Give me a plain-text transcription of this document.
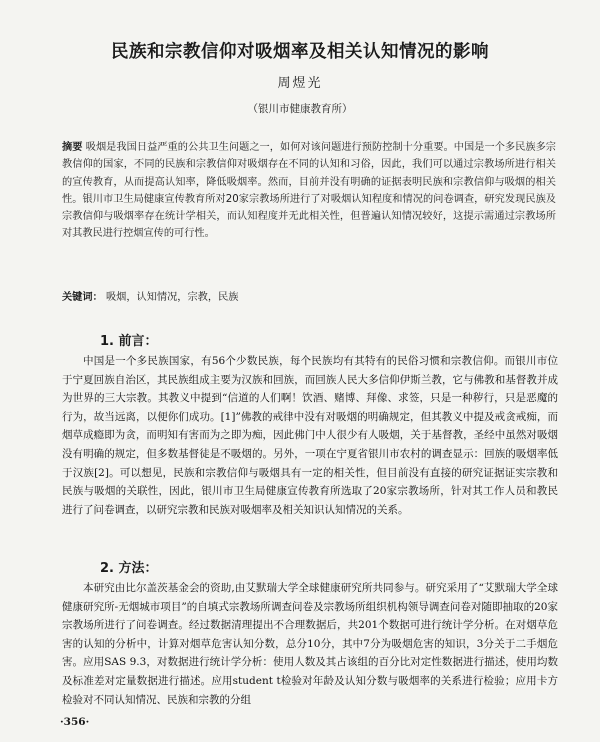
民族和宗教信仰对吸烟率及相关认知情况的影响
周煜光
（银川市健康教育所）
摘要 吸烟是我国日益严重的公共卫生问题之一，如何对该问题进行预防控制十分重要。中国是一个多民族多宗教信仰的国家，不同的民族和宗教信仰对吸烟存在不同的认知和习俗，因此，我们可以通过宗教场所进行相关的宣传教育，从而提高认知率，降低吸烟率。然而，目前并没有明确的证据表明民族和宗教信仰与吸烟的相关性。银川市卫生局健康宣传教育所对20家宗教场所进行了对吸烟认知程度和情况的问卷调查，研究发现民族及宗教信仰与吸烟率存在统计学相关，而认知程度并无此相关性，但普遍认知情况较好，这提示需通过宗教场所对其教民进行控烟宣传的可行性。
关键词： 吸烟，认知情况，宗教，民族
1. 前言：

中国是一个多民族国家，有56个少数民族，每个民族均有其特有的民俗习惯和宗教信仰。而银川市位于宁夏回族自治区，其民族组成主要为汉族和回族，而回族人民大多信仰伊斯兰教，它与佛教和基督教并成为世界的三大宗教。其教义中提到“信道的人们啊！饮酒、赌博、拜像、求签，只是一种秽行，只是恶魔的行为，故当远离，以便你们成功。[1]”佛教的戒律中没有对吸烟的明确规定，但其教义中提及戒贪戒痴，而烟草成瘾即为贪，而明知有害而为之即为痴，因此佛门中人很少有人吸烟，关于基督教，圣经中虽然对吸烟没有明确的规定，但多数基督徒是不吸烟的。另外，一项在宁夏省银川市农村的调查显示：回族的吸烟率低于汉族[2]。可以想见，民族和宗教信仰与吸烟具有一定的相关性，但目前没有直接的研究证据证实宗教和民族与吸烟的关联性，因此，银川市卫生局健康宣传教育所选取了20家宗教场所，针对其工作人员和教民进行了问卷调查，以研究宗教和民族对吸烟率及相关知识认知情况的关系。

2. 方法：

本研究由比尔盖茨基金会的资助,由艾默瑞大学全球健康研究所共同参与。研究采用了“艾默瑞大学全球健康研究所-无烟城市项目”的自填式宗教场所调查问卷及宗教场所组织机构领导调查问卷对随即抽取的20家宗教场所进行了问卷调查。经过数据清理提出不合理数据后，共201个数据可进行统计学分析。在对烟草危害的认知的分析中，计算对烟草危害认知分数，总分10分，其中7分为吸烟危害的知识，3分关于二手烟危害。应用SAS 9.3，对数据进行统计学分析：使用人数及其占该组的百分比对定性数据进行描述，使用均数及标准差对定量数据进行描述。应用student t检验对年龄及认知分数与吸烟率的关系进行检验；应用卡方检验对不同认知情况、民族和宗教的分组

·356·
